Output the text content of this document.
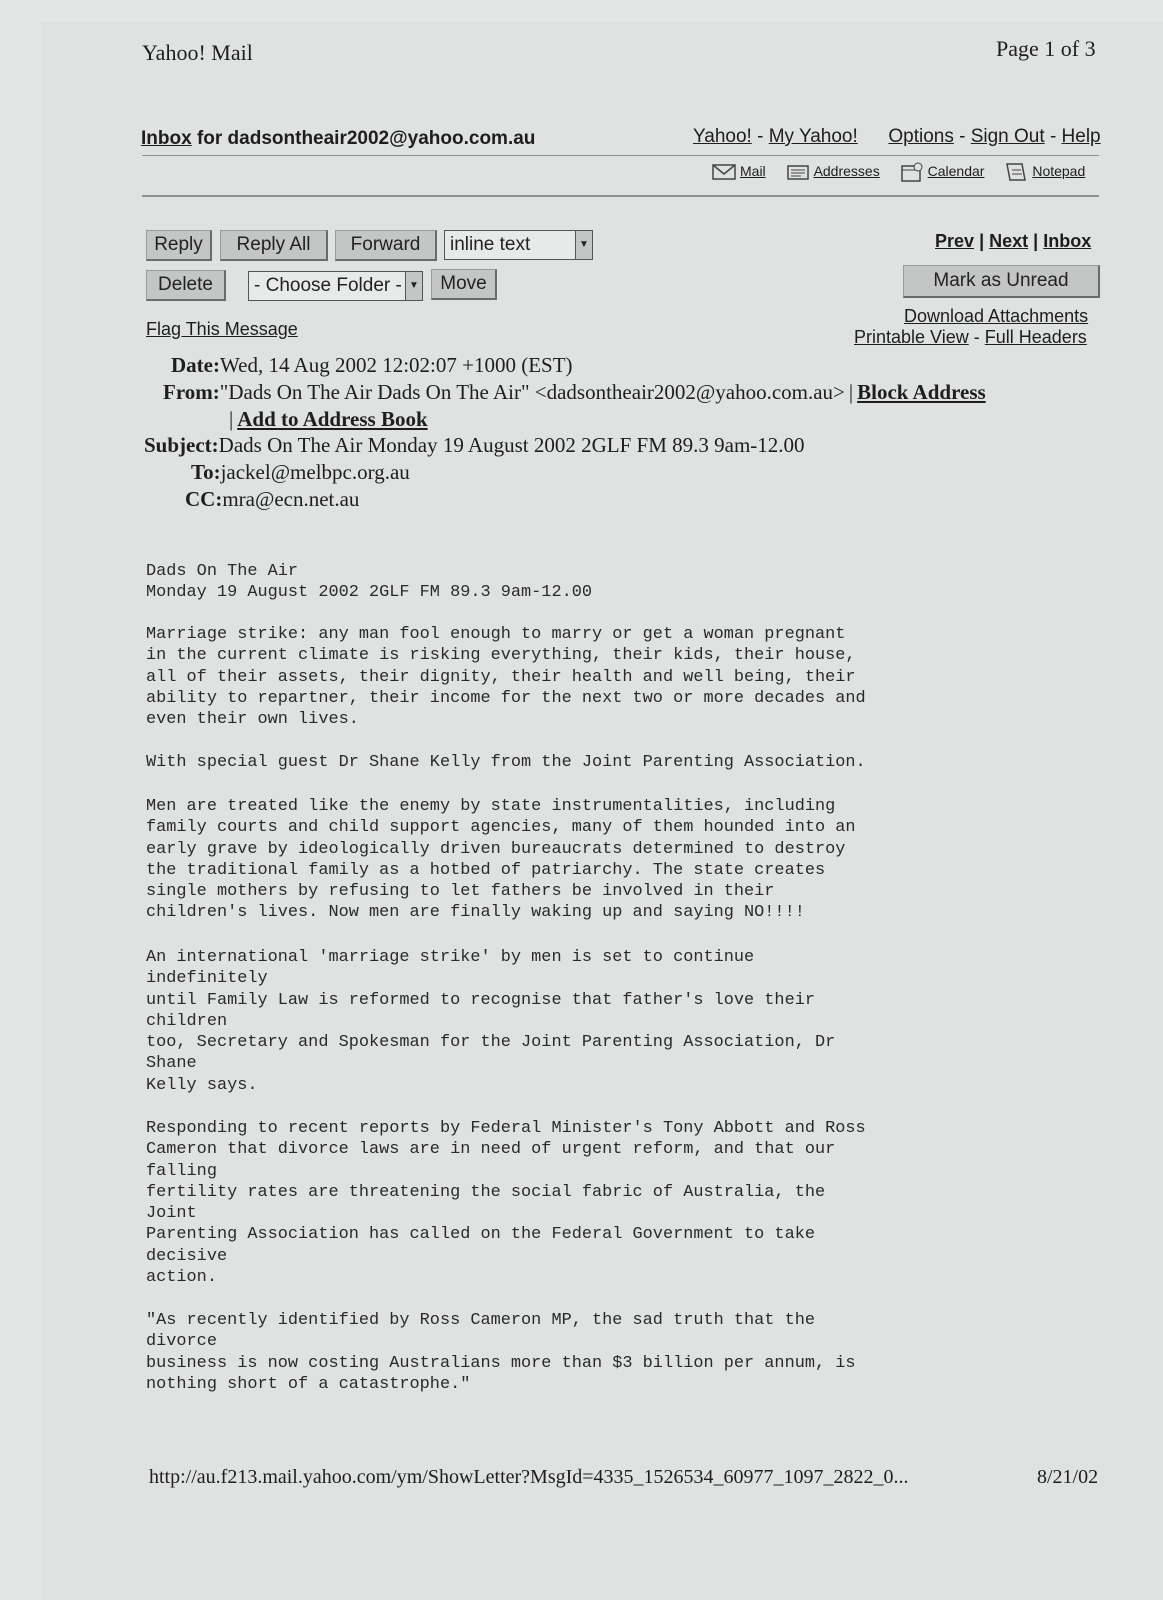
Yahoo! Mail	Page 1 of 3
Inbox for dadsontheair2002@yahoo.com.au	Yahoo! - My Yahoo! Options - Sign Out - Help
Mail	Addresses	Calendar	Notepad
Reply	Reply All	Forward	inline text	▼
Delete	- Choose Folder - ▼	Move
Flag This Message
Prev | Next | Inbox
Mark as Unread
Download Attachments
Printable View - Full Headers
Date:Wed, 14 Aug 2002 12:02:07 +1000 (EST)
From:"Dads On The Air Dads On The Air" <dadsontheair2002@yahoo.com.au> | Block Address
| Add to Address Book
Subject:Dads On The Air Monday 19 August 2002 2GLF FM 89.3 9am-12.00
To:jackel@melbpc.org.au
CC:mra@ecn.net.au
Dads On The Air
Monday 19 August 2002 2GLF FM 89.3 9am-12.00
Marriage strike: any man fool enough to marry or get a woman pregnant
in the current climate is risking everything, their kids, their house,
all of their assets, their dignity, their health and well being, their
ability to repartner, their income for the next two or more decades and
even their own lives.
With special guest Dr Shane Kelly from the Joint Parenting Association.
Men are treated like the enemy by state instrumentalities, including
family courts and child support agencies, many of them hounded into an
early grave by ideologically driven bureaucrats determined to destroy
the traditional family as a hotbed of patriarchy. The state creates
single mothers by refusing to let fathers be involved in their
children's lives. Now men are finally waking up and saying NO!!!!
An international 'marriage strike' by men is set to continue
indefinitely
until Family Law is reformed to recognise that father's love their
children
too, Secretary and Spokesman for the Joint Parenting Association, Dr
Shane
Kelly says.
Responding to recent reports by Federal Minister's Tony Abbott and Ross
Cameron that divorce laws are in need of urgent reform, and that our
falling
fertility rates are threatening the social fabric of Australia, the
Joint
Parenting Association has called on the Federal Government to take
decisive
action.
"As recently identified by Ross Cameron MP, the sad truth that the
divorce
business is now costing Australians more than $3 billion per annum, is
nothing short of a catastrophe."
http://au.f213.mail.yahoo.com/ym/ShowLetter?MsgId=4335_1526534_60977_1097_2822_0...	8/21/02
